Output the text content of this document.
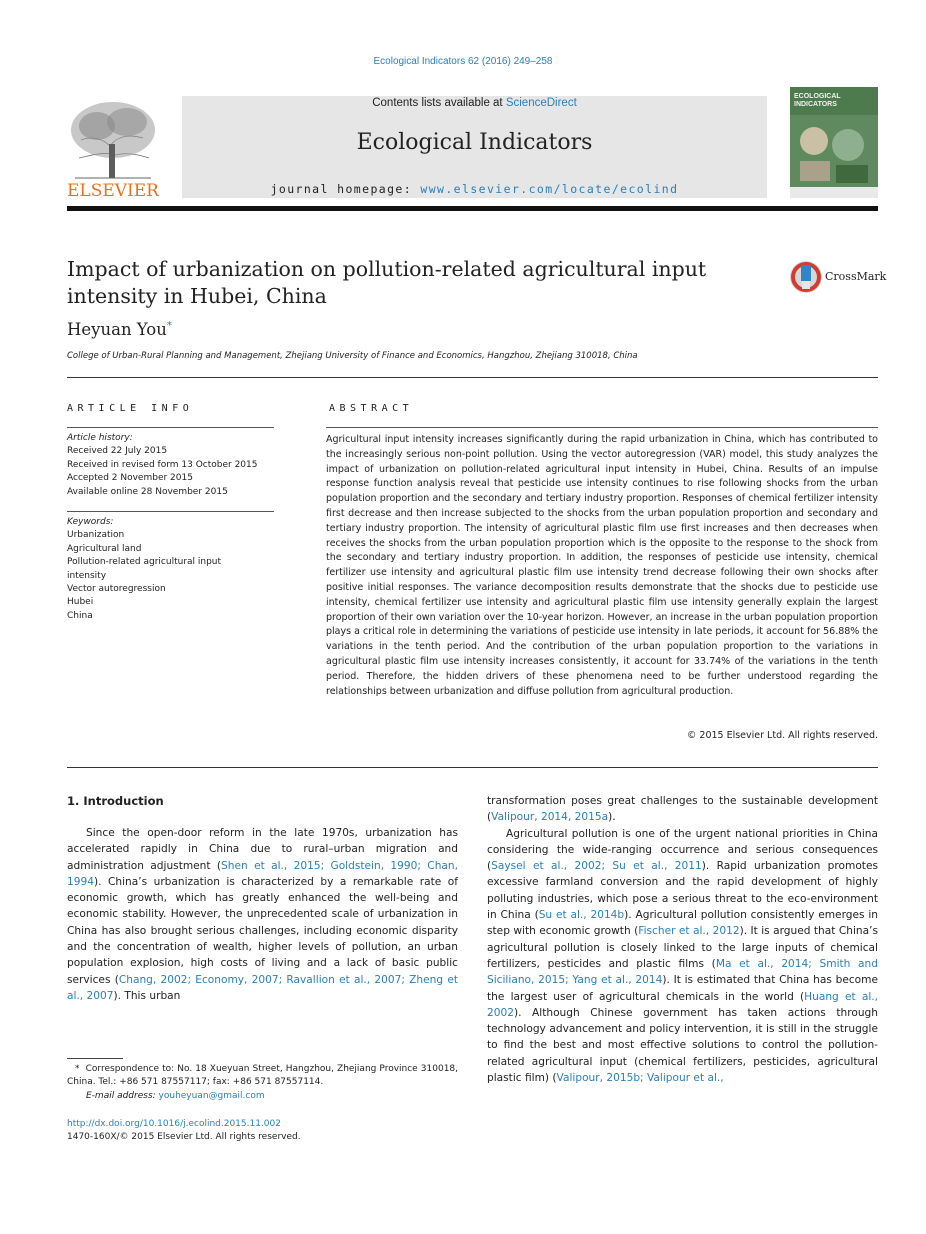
Ecological Indicators 62 (2016) 249–258
ELSEVIER
Contents lists available at ScienceDirect
Ecological Indicators
journal homepage: www.elsevier.com/locate/ecolind
ECOLOGICAL INDICATORS
Impact of urbanization on pollution-related agricultural input intensity in Hubei, China
CrossMark
Heyuan You*
College of Urban-Rural Planning and Management, Zhejiang University of Finance and Economics, Hangzhou, Zhejiang 310018, China
ARTICLE INFO
Article history:
Received 22 July 2015
Received in revised form 13 October 2015
Accepted 2 November 2015
Available online 28 November 2015
Keywords:
Urbanization
Agricultural land
Pollution-related agricultural input intensity
Vector autoregression
Hubei
China
ABSTRACT
Agricultural input intensity increases significantly during the rapid urbanization in China, which has contributed to the increasingly serious non-point pollution. Using the vector autoregression (VAR) model, this study analyzes the impact of urbanization on pollution-related agricultural input intensity in Hubei, China. Results of an impulse response function analysis reveal that pesticide use intensity continues to rise following shocks from the urban population proportion and the secondary and tertiary industry proportion. Responses of chemical fertilizer intensity first decrease and then increase subjected to the shocks from the urban population proportion and secondary and tertiary industry proportion. The intensity of agricultural plastic film use first increases and then decreases when receives the shocks from the urban population proportion which is the opposite to the response to the shock from the secondary and tertiary industry proportion. In addition, the responses of pesticide use intensity, chemical fertilizer use intensity and agricultural plastic film use intensity trend decrease following their own shocks after positive initial responses. The variance decomposition results demonstrate that the shocks due to pesticide use intensity, chemical fertilizer use intensity and agricultural plastic film use intensity generally explain the largest proportion of their own variation over the 10-year horizon. However, an increase in the urban population proportion plays a critical role in determining the variations of pesticide use intensity in late periods, it account for 56.88% the variations in the tenth period. And the contribution of the urban population proportion to the variations in agricultural plastic film use intensity increases consistently, it account for 33.74% of the variations in the tenth period. Therefore, the hidden drivers of these phenomena need to be further understood regarding the relationships between urbanization and diffuse pollution from agricultural production.
© 2015 Elsevier Ltd. All rights reserved.
1. Introduction

Since the open-door reform in the late 1970s, urbanization has accelerated rapidly in China due to rural–urban migration and administration adjustment (Shen et al., 2015; Goldstein, 1990; Chan, 1994). China’s urbanization is characterized by a remarkable rate of economic growth, which has greatly enhanced the well-being and economic stability. However, the unprecedented scale of urbanization in China has also brought serious challenges, including economic disparity and the concentration of wealth, higher levels of pollution, an urban population explosion, high costs of living and a lack of basic public services (Chang, 2002; Economy, 2007; Ravallion et al., 2007; Zheng et al., 2007). This urban

transformation poses great challenges to the sustainable development (Valipour, 2014, 2015a).

Agricultural pollution is one of the urgent national priorities in China considering the wide-ranging occurrence and serious consequences (Saysel et al., 2002; Su et al., 2011). Rapid urbanization promotes excessive farmland conversion and the rapid development of highly polluting industries, which pose a serious threat to the eco-environment in China (Su et al., 2014b). Agricultural pollution consistently emerges in step with economic growth (Fischer et al., 2012). It is argued that China’s agricultural pollution is closely linked to the large inputs of chemical fertilizers, pesticides and plastic films (Ma et al., 2014; Smith and Siciliano, 2015; Yang et al., 2014). It is estimated that China has become the largest user of agricultural chemicals in the world (Huang et al., 2002). Although Chinese government has taken actions through technology advancement and policy intervention, it is still in the struggle to find the best and most effective solutions to control the pollution-related agricultural input (chemical fertilizers, pesticides, agricultural plastic film) (Valipour, 2015b; Valipour et al.,

*  Correspondence to: No. 18 Xueyuan Street, Hangzhou, Zhejiang Province 310018, China. Tel.: +86 571 87557117; fax: +86 571 87557114.
E-mail address: youheyuan@gmail.com
http://dx.doi.org/10.1016/j.ecolind.2015.11.002
1470-160X/© 2015 Elsevier Ltd. All rights reserved.
